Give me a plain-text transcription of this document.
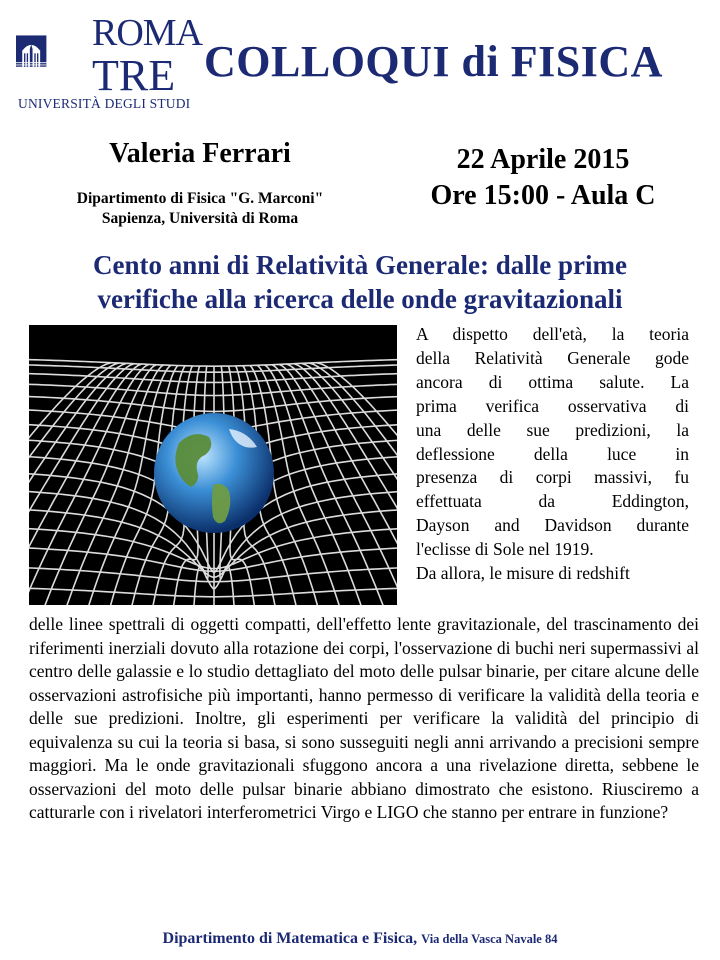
ROMA
TRE
UNIVERSITÀ DEGLI STUDI
COLLOQUI di FISICA
Valeria Ferrari
Dipartimento di Fisica "G. Marconi"
Sapienza, Università di Roma
22 Aprile 2015
Ore 15:00 - Aula C
Cento anni di Relatività Generale: dalle prime
verifiche alla ricerca delle onde gravitazionali

A dispetto dell'età, la teoria

della Relatività Generale gode

ancora di ottima salute. La

prima verifica osservativa di

una delle sue predizioni, la

deflessione della luce in

presenza di corpi massivi, fu

effettuata da Eddington,

Dayson and Davidson durante

l'eclisse di Sole nel 1919.

Da allora, le misure di redshift

delle linee spettrali di oggetti compatti, dell'effetto lente gravitazionale, del trascinamento dei riferimenti inerziali dovuto alla rotazione dei corpi, l'osservazione di buchi neri supermassivi al centro delle galassie e lo studio dettagliato del moto delle pulsar binarie, per citare alcune delle osservazioni astrofisiche più importanti, hanno permesso di verificare la validità della teoria e delle sue predizioni. Inoltre, gli esperimenti per verificare la validità del principio di equivalenza su cui la teoria si basa, si sono susseguiti negli anni arrivando a precisioni sempre maggiori. Ma le onde gravitazionali sfuggono ancora a una rivelazione diretta, sebbene le osservazioni del moto delle pulsar binarie abbiano dimostrato che esistono. Riusciremo a catturarle con i rivelatori interferometrici Virgo e LIGO che stanno per entrare in funzione?
Dipartimento di Matematica e Fisica, Via della Vasca Navale 84
